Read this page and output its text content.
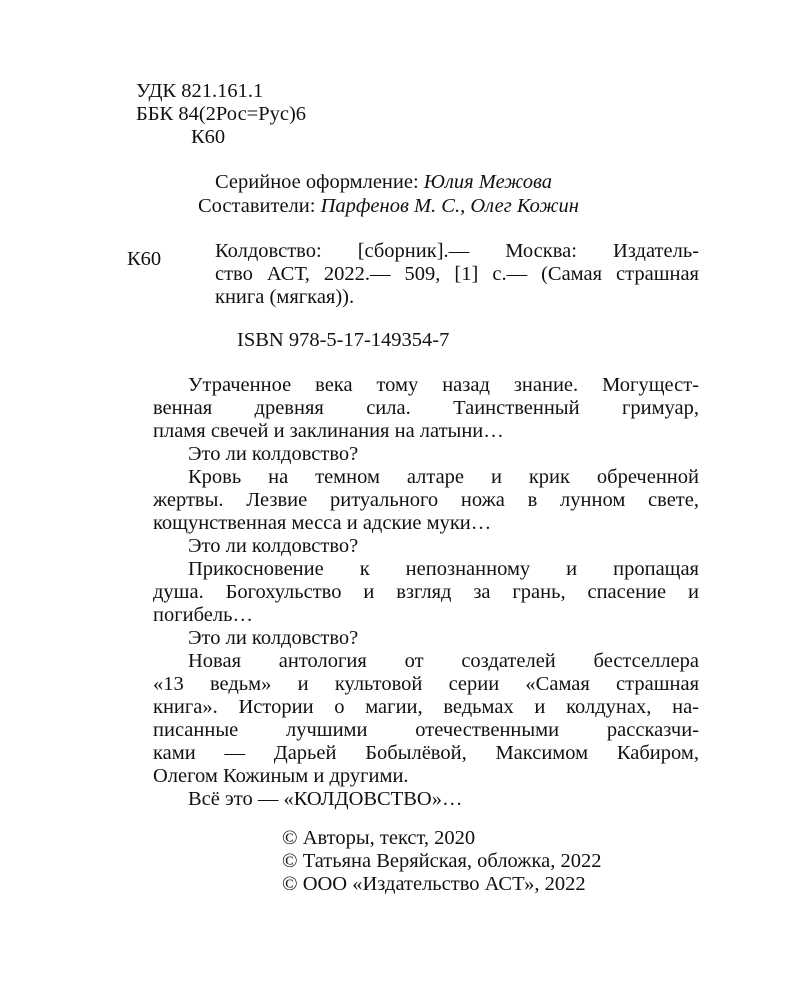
УДК 821.161.1
ББК 84(2Рос=Рус)6
К60
Серийное оформление: Юлия Межова
Составители: Парфенов М. С., Олег Кожин
К60	Колдовство: [сборник].— Москва: Издатель-
ство АСТ, 2022.— 509, [1] с.— (Самая страшная
книга (мягкая)).
ISBN 978-5-17-149354-7
Утраченное века тому назад знание. Могущест-
венная древняя сила. Таинственный гримуар,
пламя свечей и заклинания на латыни…
Это ли колдовство?
Кровь на темном алтаре и крик обреченной
жертвы. Лезвие ритуального ножа в лунном свете,
кощунственная месса и адские муки…
Это ли колдовство?
Прикосновение к непознанному и пропащая
душа. Богохульство и взгляд за грань, спасение и
погибель…
Это ли колдовство?
Новая антология от создателей бестселлера
«13 ведьм» и культовой серии «Самая страшная
книга». Истории о магии, ведьмах и колдунах, на-
писанные лучшими отечественными рассказчи-
ками — Дарьей Бобылёвой, Максимом Кабиром,
Олегом Кожиным и другими.
Всё это — «КОЛДОВСТВО»…
© Авторы, текст, 2020
© Татьяна Веряйская, обложка, 2022
© ООО «Издательство АСТ», 2022
